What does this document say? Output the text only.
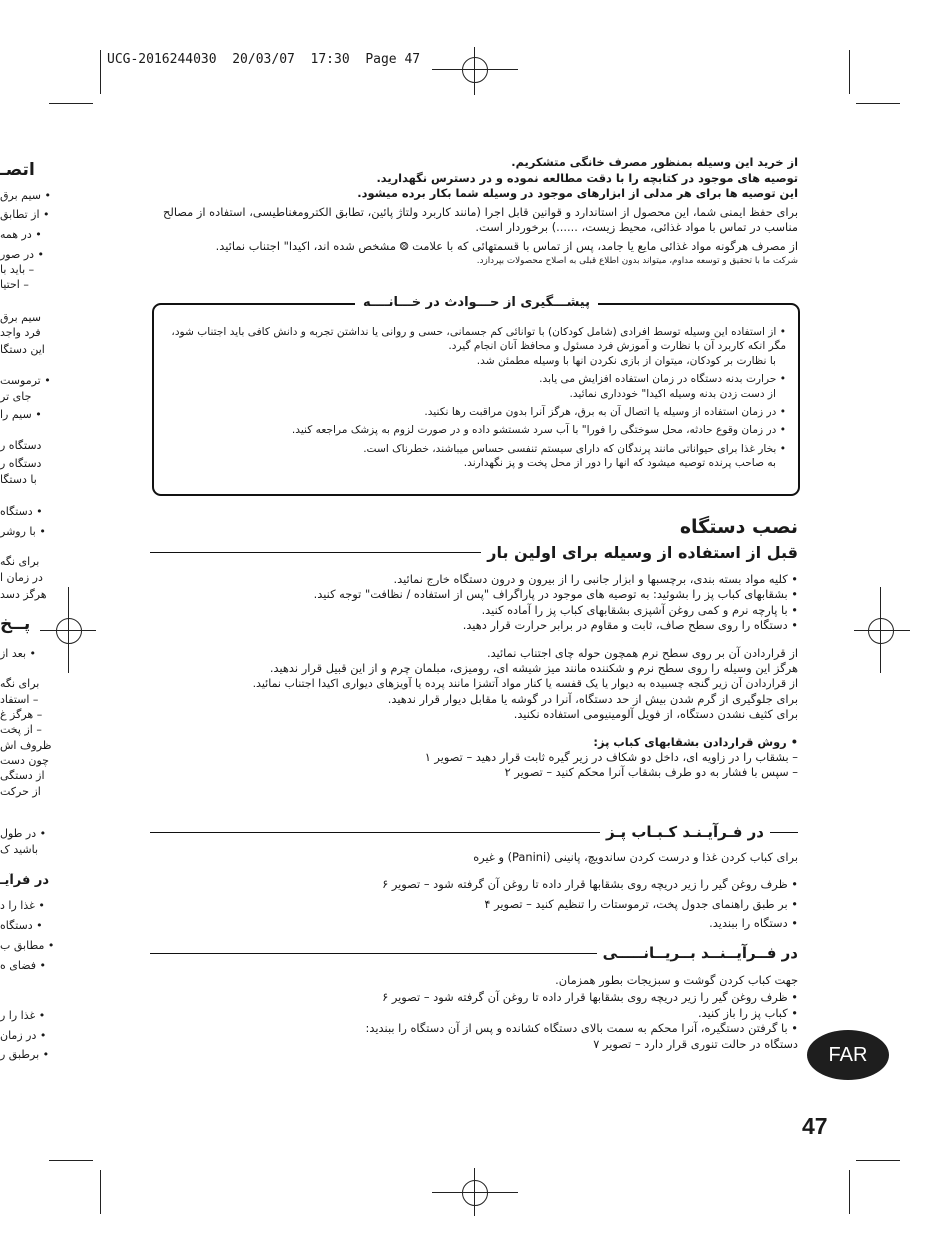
UCG-2016244030 20/03/07 17:30 Page 47
اتصـ
• سیم برق
• از تطابق
• در همه
• در صور
– باید با
– احتیا
سیم برق
فرد واجد
این دستگا
• ترموست
جای تر
• سیم را
دستگاه ر
دستگاه ر
با دستگا
• دستگاه
• با روشر
برای نگه
در زمان ا
هرگز دسد
پــخ
• بعد از
برای نگه
– استفاد
– هرگز غ
– از پخت
ظروف اش
چون دست
از دستگی
از حرکت
• در طول
باشید ک
در فرآیـ
• غذا را د
• دستگاه
• مطابق ب
• فضای ه
• غذا را ر
• در زمان
• برطبق ر

از خرید این وسیله بمنظور مصرف خانگی متشکریم.

توصیه های موجود در کتابچه را با دقت مطالعه نموده و در دسترس نگهدارید.

این توصیه ها برای هر مدلی از ابزارهای موجود در وسیله شما بکار برده میشود.

برای حفظ ایمنی شما، این محصول از استاندارد و قوانین قابل اجرا (مانند کاربرد ولتاژ پائین، تطابق الکترومغناطیسی، استفاده از مصالح مناسب در تماس با مواد غذائی، محیط زیست، ......) برخوردار است.

از مصرف هرگونه مواد غذائی مایع یا جامد، پس از تماس با قسمتهائی که با علامت ⨷ مشخص شده اند، اکیدا" اجتناب نمائید.

شرکت ما با تحقیق و توسعه مداوم، میتواند بدون اطلاع قبلی به اصلاح محصولات بپردازد.

پیشـــگیری از حـــوادث در خـــانــــه

• از استفاده این وسیله توسط افرادی (شامل کودکان) با توانائی کم جسمانی، حسی و روانی یا نداشتن تجربه و دانش کافی باید اجتناب شود، مگر انکه کاربرد آن با نظارت و آموزش فرد مسئول و محافظ آنان انجام گیرد.

با نظارت بر کودکان، میتوان از بازی نکردن انها با وسیله مطمئن شد.

• حرارت بدنه دستگاه در زمان استفاده افزایش می یابد.

از دست زدن بدنه وسیله اکیدا" خودداری نمائید.

• در زمان استفاده از وسیله یا اتصال آن به برق، هرگز آنرا بدون مراقبت رها نکنید.

• در زمان وقوع حادثه، محل سوختگی را فورا" با آب سرد شستشو داده و در صورت لزوم به پزشک مراجعه کنید.

• بخار غذا برای حیواناتی مانند پرندگان که دارای سیستم تنفسی حساس میباشند، خطرناک است.

به صاحب پرنده توصیه میشود که انها را دور از محل پخت و پز نگهدارند.

نصب دستگاه
قبل از استفاده از وسیله برای اولین بار

• کلیه مواد بسته بندی، برچسبها و ابزار جانبی را از بیرون و درون دستگاه خارج نمائید.

• بشقابهای کباب پز را بشوئید: به توصیه های موجود در پاراگراف "پس از استفاده / نظافت" توجه کنید.

• با پارچه نرم و کمی روغن آشپزی بشقابهای کباب پز را آماده کنید.

• دستگاه را روی سطح صاف، ثابت و مقاوم در برابر حرارت قرار دهید.

از قراردادن آن بر روی سطح نرم همچون حوله چای اجتناب نمائید.

هرگز این وسیله را روی سطح نرم و شکننده مانند میز شیشه ای، رومیزی، مبلمان چرم و از این قبیل قرار ندهید.

از قراردادن آن زیر گنجه چسبیده به دیوار یا یک قفسه یا کنار مواد آتشزا مانند پرده یا آویزهای دیواری اکیدا اجتناب نمائید.

برای جلوگیری از گرم شدن بیش از حد دستگاه، آنرا در گوشه یا مقابل دیوار قرار ندهید.

برای کثیف نشدن دستگاه، از فویل آلومینیومی استفاده نکنید.

• روش قراردادن بشقابهای کباب پز:

– بشقاب را در زاویه ای، داخل دو شکاف در زیر گیره ثابت قرار دهید – تصویر ۱

– سپس با فشار به دو طرف بشقاب آنرا محکم کنید – تصویر ۲

در فـرآیـنـد کـبـاب پـز

برای کباب کردن غذا و درست کردن ساندویچ، پانینی (Panini) و غیره

• ظرف روغن گیر را زیر دریچه روی بشقابها قرار داده تا روغن آن گرفته شود – تصویر ۶

• بر طبق راهنمای جدول پخت، ترموستات را تنظیم کنید – تصویر ۴

• دستگاه را ببندید.

در فــرآیــنــد بــریــانـــــی

جهت کباب کردن گوشت و سبزیجات بطور همزمان.

• ظرف روغن گیر را زیر دریچه روی بشقابها قرار داده تا روغن آن گرفته شود – تصویر ۶

• کباب پز را باز کنید.

• با گرفتن دستگیره، آنرا محکم به سمت بالای دستگاه کشانده و پس از آن دستگاه را ببندید:

دستگاه در حالت تنوری قرار دارد – تصویر ۷	FAR
47
